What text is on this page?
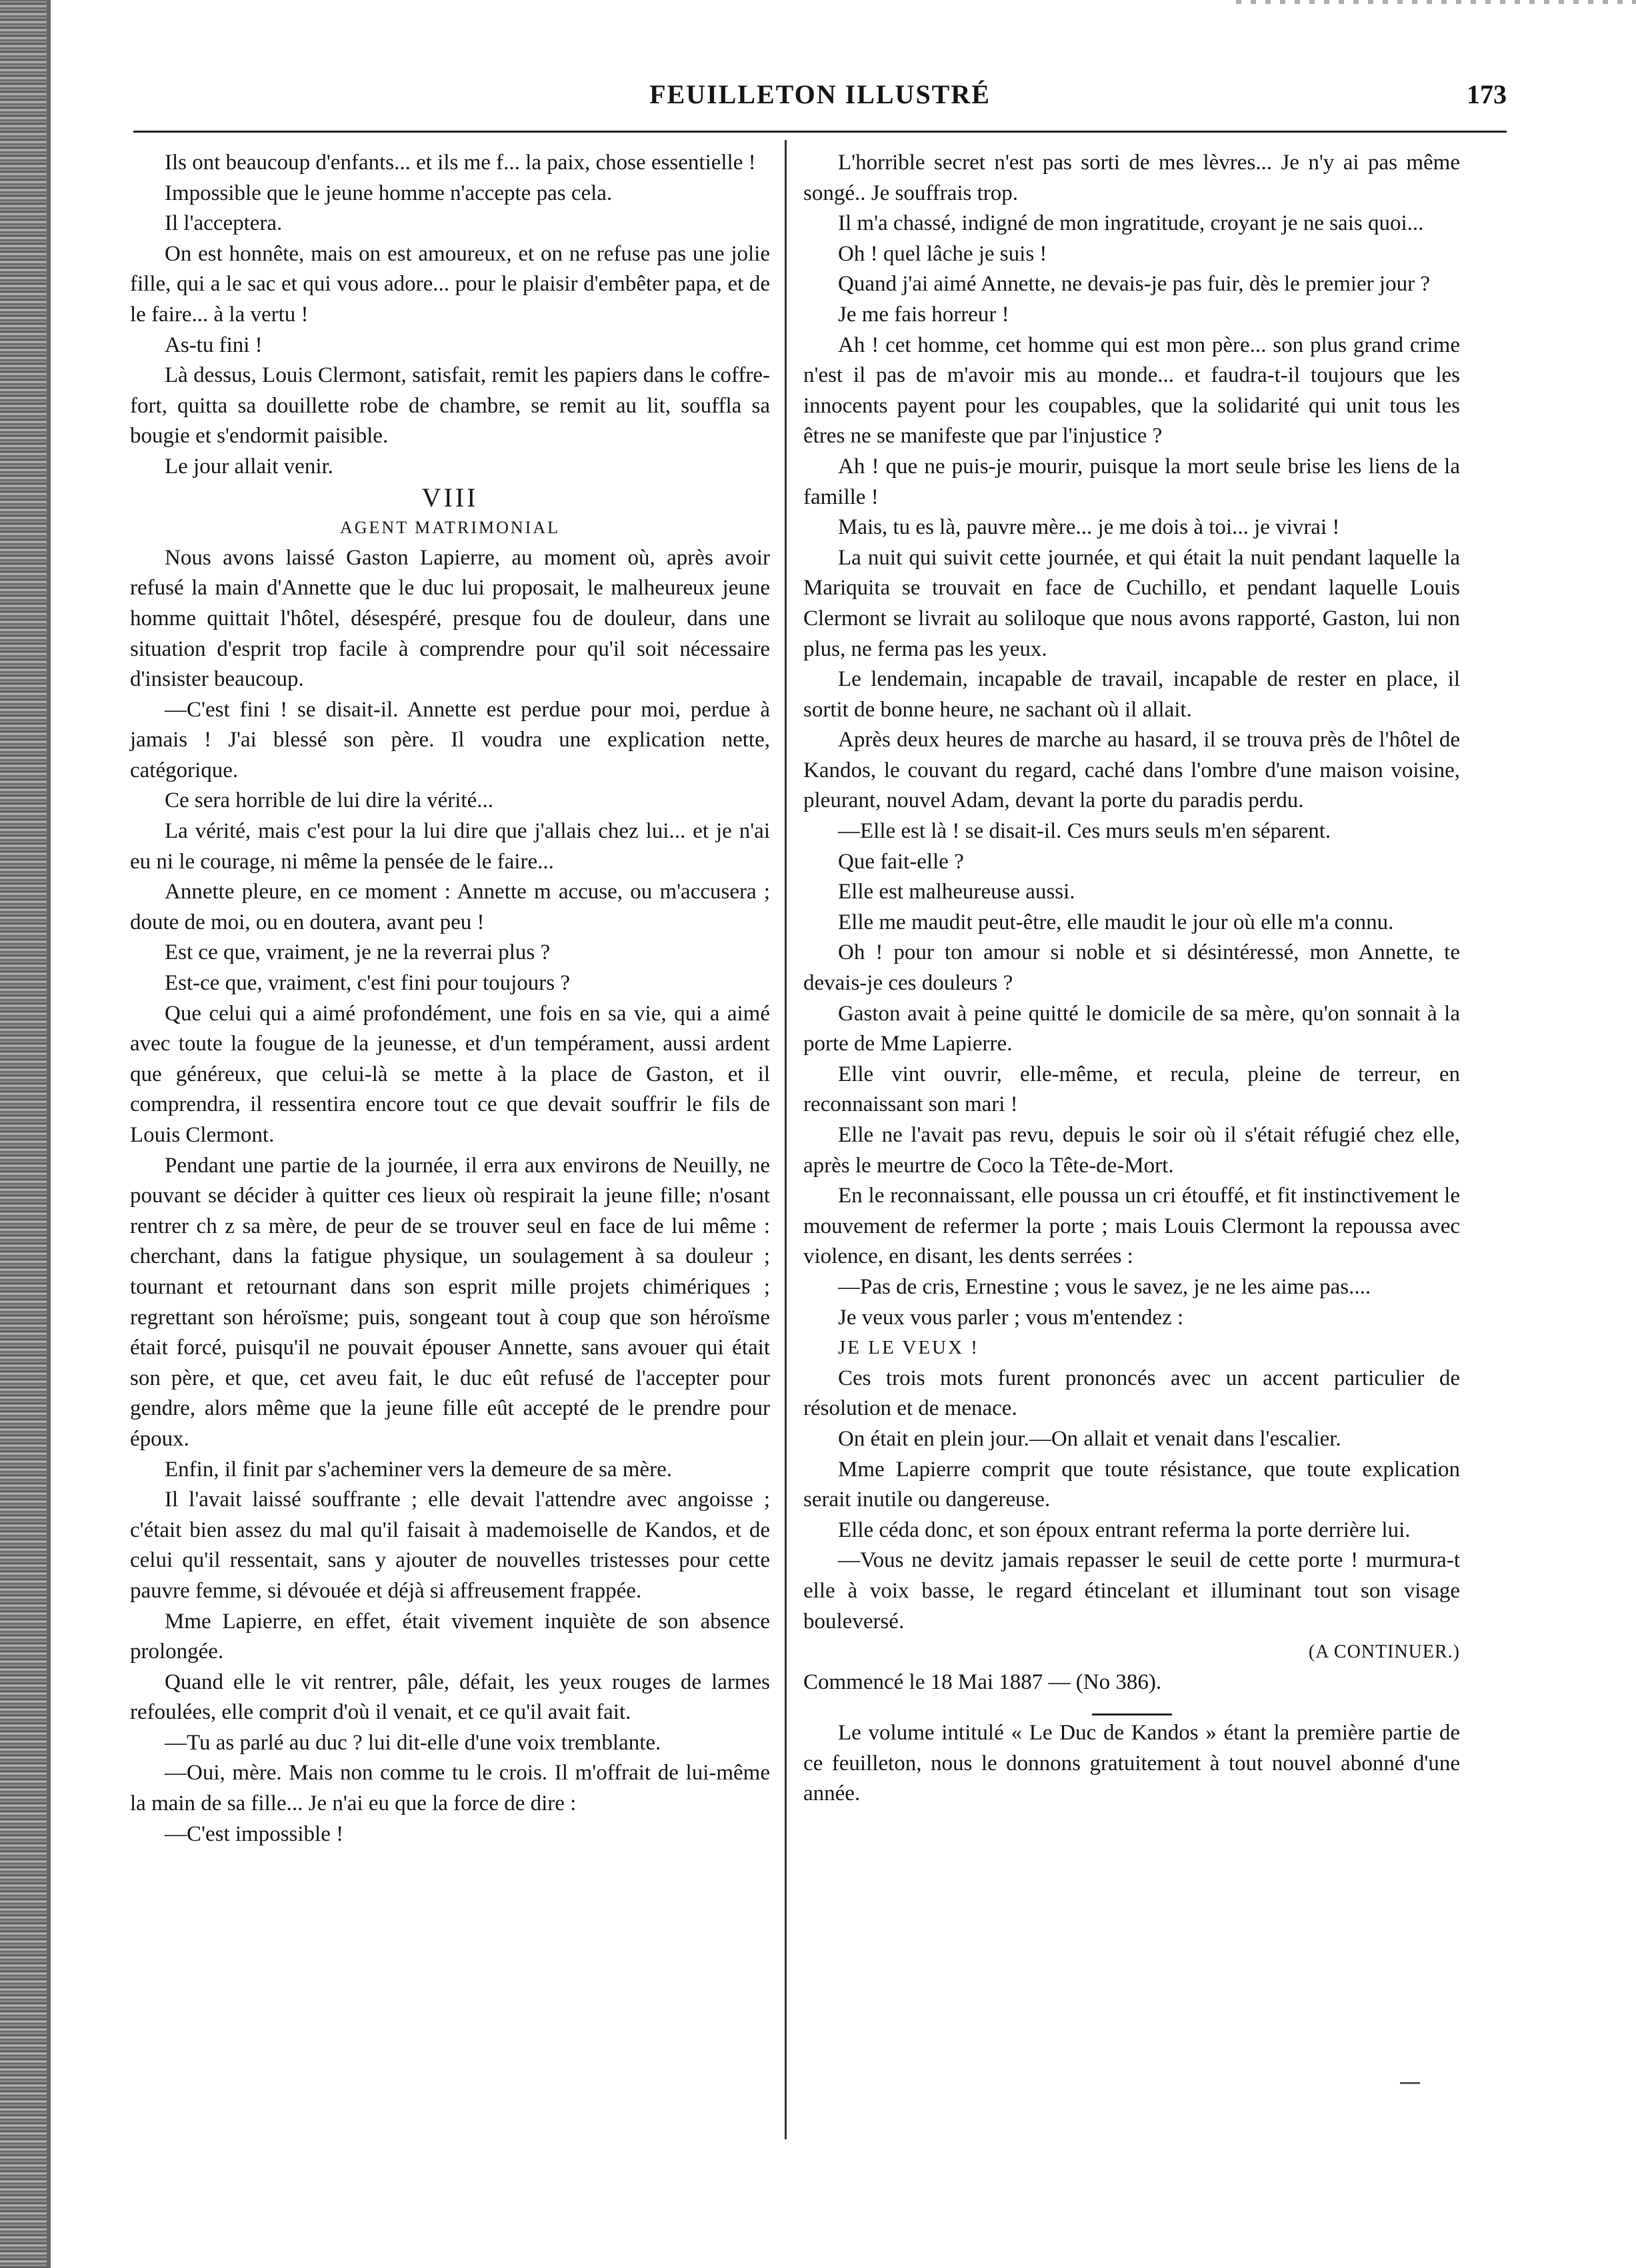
FEUILLETON ILLUSTRÉ	173

Ils ont beaucoup d'enfants... et ils me f... la paix, chose essentielle !

Impossible que le jeune homme n'accepte pas cela.

Il l'acceptera.

On est honnête, mais on est amoureux, et on ne refuse pas une jolie fille, qui a le sac et qui vous adore... pour le plaisir d'embêter papa, et de le faire... à la vertu !

As-tu fini !

Là dessus, Louis Clermont, satisfait, remit les papiers dans le coffre-fort, quitta sa douillette robe de chambre, se remit au lit, souffla sa bougie et s'endormit paisible.

Le jour allait venir.

VIII

AGENT MATRIMONIAL

Nous avons laissé Gaston Lapierre, au moment où, après avoir refusé la main d'Annette que le duc lui proposait, le malheureux jeune homme quittait l'hôtel, désespéré, presque fou de douleur, dans une situation d'esprit trop facile à comprendre pour qu'il soit nécessaire d'insister beaucoup.

—C'est fini ! se disait-il. Annette est perdue pour moi, perdue à jamais ! J'ai blessé son père. Il voudra une explication nette, catégorique.

Ce sera horrible de lui dire la vérité...

La vérité, mais c'est pour la lui dire que j'allais chez lui... et je n'ai eu ni le courage, ni même la pensée de le faire...

Annette pleure, en ce moment : Annette m accuse, ou m'accusera ; doute de moi, ou en doutera, avant peu !

Est ce que, vraiment, je ne la reverrai plus ?

Est-ce que, vraiment, c'est fini pour toujours ?

Que celui qui a aimé profondément, une fois en sa vie, qui a aimé avec toute la fougue de la jeunesse, et d'un tempérament, aussi ardent que généreux, que celui-là se mette à la place de Gaston, et il comprendra, il ressentira encore tout ce que devait souffrir le fils de Louis Clermont.

Pendant une partie de la journée, il erra aux environs de Neuilly, ne pouvant se décider à quitter ces lieux où respirait la jeune fille; n'osant rentrer ch z sa mère, de peur de se trouver seul en face de lui même : cherchant, dans la fatigue physique, un soulagement à sa douleur ; tournant et retournant dans son esprit mille projets chimériques ; regrettant son héroïsme; puis, songeant tout à coup que son héroïsme était forcé, puisqu'il ne pouvait épouser Annette, sans avouer qui était son père, et que, cet aveu fait, le duc eût refusé de l'accepter pour gendre, alors même que la jeune fille eût accepté de le prendre pour époux.

Enfin, il finit par s'acheminer vers la demeure de sa mère.

Il l'avait laissé souffrante ; elle devait l'attendre avec angoisse ; c'était bien assez du mal qu'il faisait à mademoiselle de Kandos, et de celui qu'il ressentait, sans y ajouter de nouvelles tristesses pour cette pauvre femme, si dévouée et déjà si affreusement frappée.

Mme Lapierre, en effet, était vivement inquiète de son absence prolongée.

Quand elle le vit rentrer, pâle, défait, les yeux rouges de larmes refoulées, elle comprit d'où il venait, et ce qu'il avait fait.

—Tu as parlé au duc ? lui dit-elle d'une voix tremblante.

—Oui, mère. Mais non comme tu le crois. Il m'offrait de lui-même la main de sa fille... Je n'ai eu que la force de dire :

—C'est impossible !

L'horrible secret n'est pas sorti de mes lèvres... Je n'y ai pas même songé.. Je souffrais trop.

Il m'a chassé, indigné de mon ingratitude, croyant je ne sais quoi...

Oh ! quel lâche je suis !

Quand j'ai aimé Annette, ne devais-je pas fuir, dès le premier jour ?

Je me fais horreur !

Ah ! cet homme, cet homme qui est mon père... son plus grand crime n'est il pas de m'avoir mis au monde... et faudra-t-il toujours que les innocents payent pour les coupables, que la solidarité qui unit tous les êtres ne se manifeste que par l'injustice ?

Ah ! que ne puis-je mourir, puisque la mort seule brise les liens de la famille !

Mais, tu es là, pauvre mère... je me dois à toi... je vivrai !

La nuit qui suivit cette journée, et qui était la nuit pendant laquelle la Mariquita se trouvait en face de Cuchillo, et pendant laquelle Louis Clermont se livrait au soliloque que nous avons rapporté, Gaston, lui non plus, ne ferma pas les yeux.

Le lendemain, incapable de travail, incapable de rester en place, il sortit de bonne heure, ne sachant où il allait.

Après deux heures de marche au hasard, il se trouva près de l'hôtel de Kandos, le couvant du regard, caché dans l'ombre d'une maison voisine, pleurant, nouvel Adam, devant la porte du paradis perdu.

—Elle est là ! se disait-il. Ces murs seuls m'en séparent.

Que fait-elle ?

Elle est malheureuse aussi.

Elle me maudit peut-être, elle maudit le jour où elle m'a connu.

Oh ! pour ton amour si noble et si désintéressé, mon Annette, te devais-je ces douleurs ?

Gaston avait à peine quitté le domicile de sa mère, qu'on sonnait à la porte de Mme Lapierre.

Elle vint ouvrir, elle-même, et recula, pleine de terreur, en reconnaissant son mari !

Elle ne l'avait pas revu, depuis le soir où il s'était réfugié chez elle, après le meurtre de Coco la Tête-de-Mort.

En le reconnaissant, elle poussa un cri étouffé, et fit instinctivement le mouvement de refermer la porte ; mais Louis Clermont la repoussa avec violence, en disant, les dents serrées :

—Pas de cris, Ernestine ; vous le savez, je ne les aime pas....

Je veux vous parler ; vous m'entendez :

JE LE VEUX !

Ces trois mots furent prononcés avec un accent particulier de résolution et de menace.

On était en plein jour.—On allait et venait dans l'escalier.

Mme Lapierre comprit que toute résistance, que toute explication serait inutile ou dangereuse.

Elle céda donc, et son époux entrant referma la porte derrière lui.

—Vous ne devitz jamais repasser le seuil de cette porte ! murmura-t elle à voix basse, le regard étincelant et illuminant tout son visage bouleversé.

(A CONTINUER.)

Commencé le 18 Mai 1887 — (No 386).

Le volume intitulé « Le Duc de Kandos » étant la première partie de ce feuilleton, nous le donnons gratuitement à tout nouvel abonné d'une année.
